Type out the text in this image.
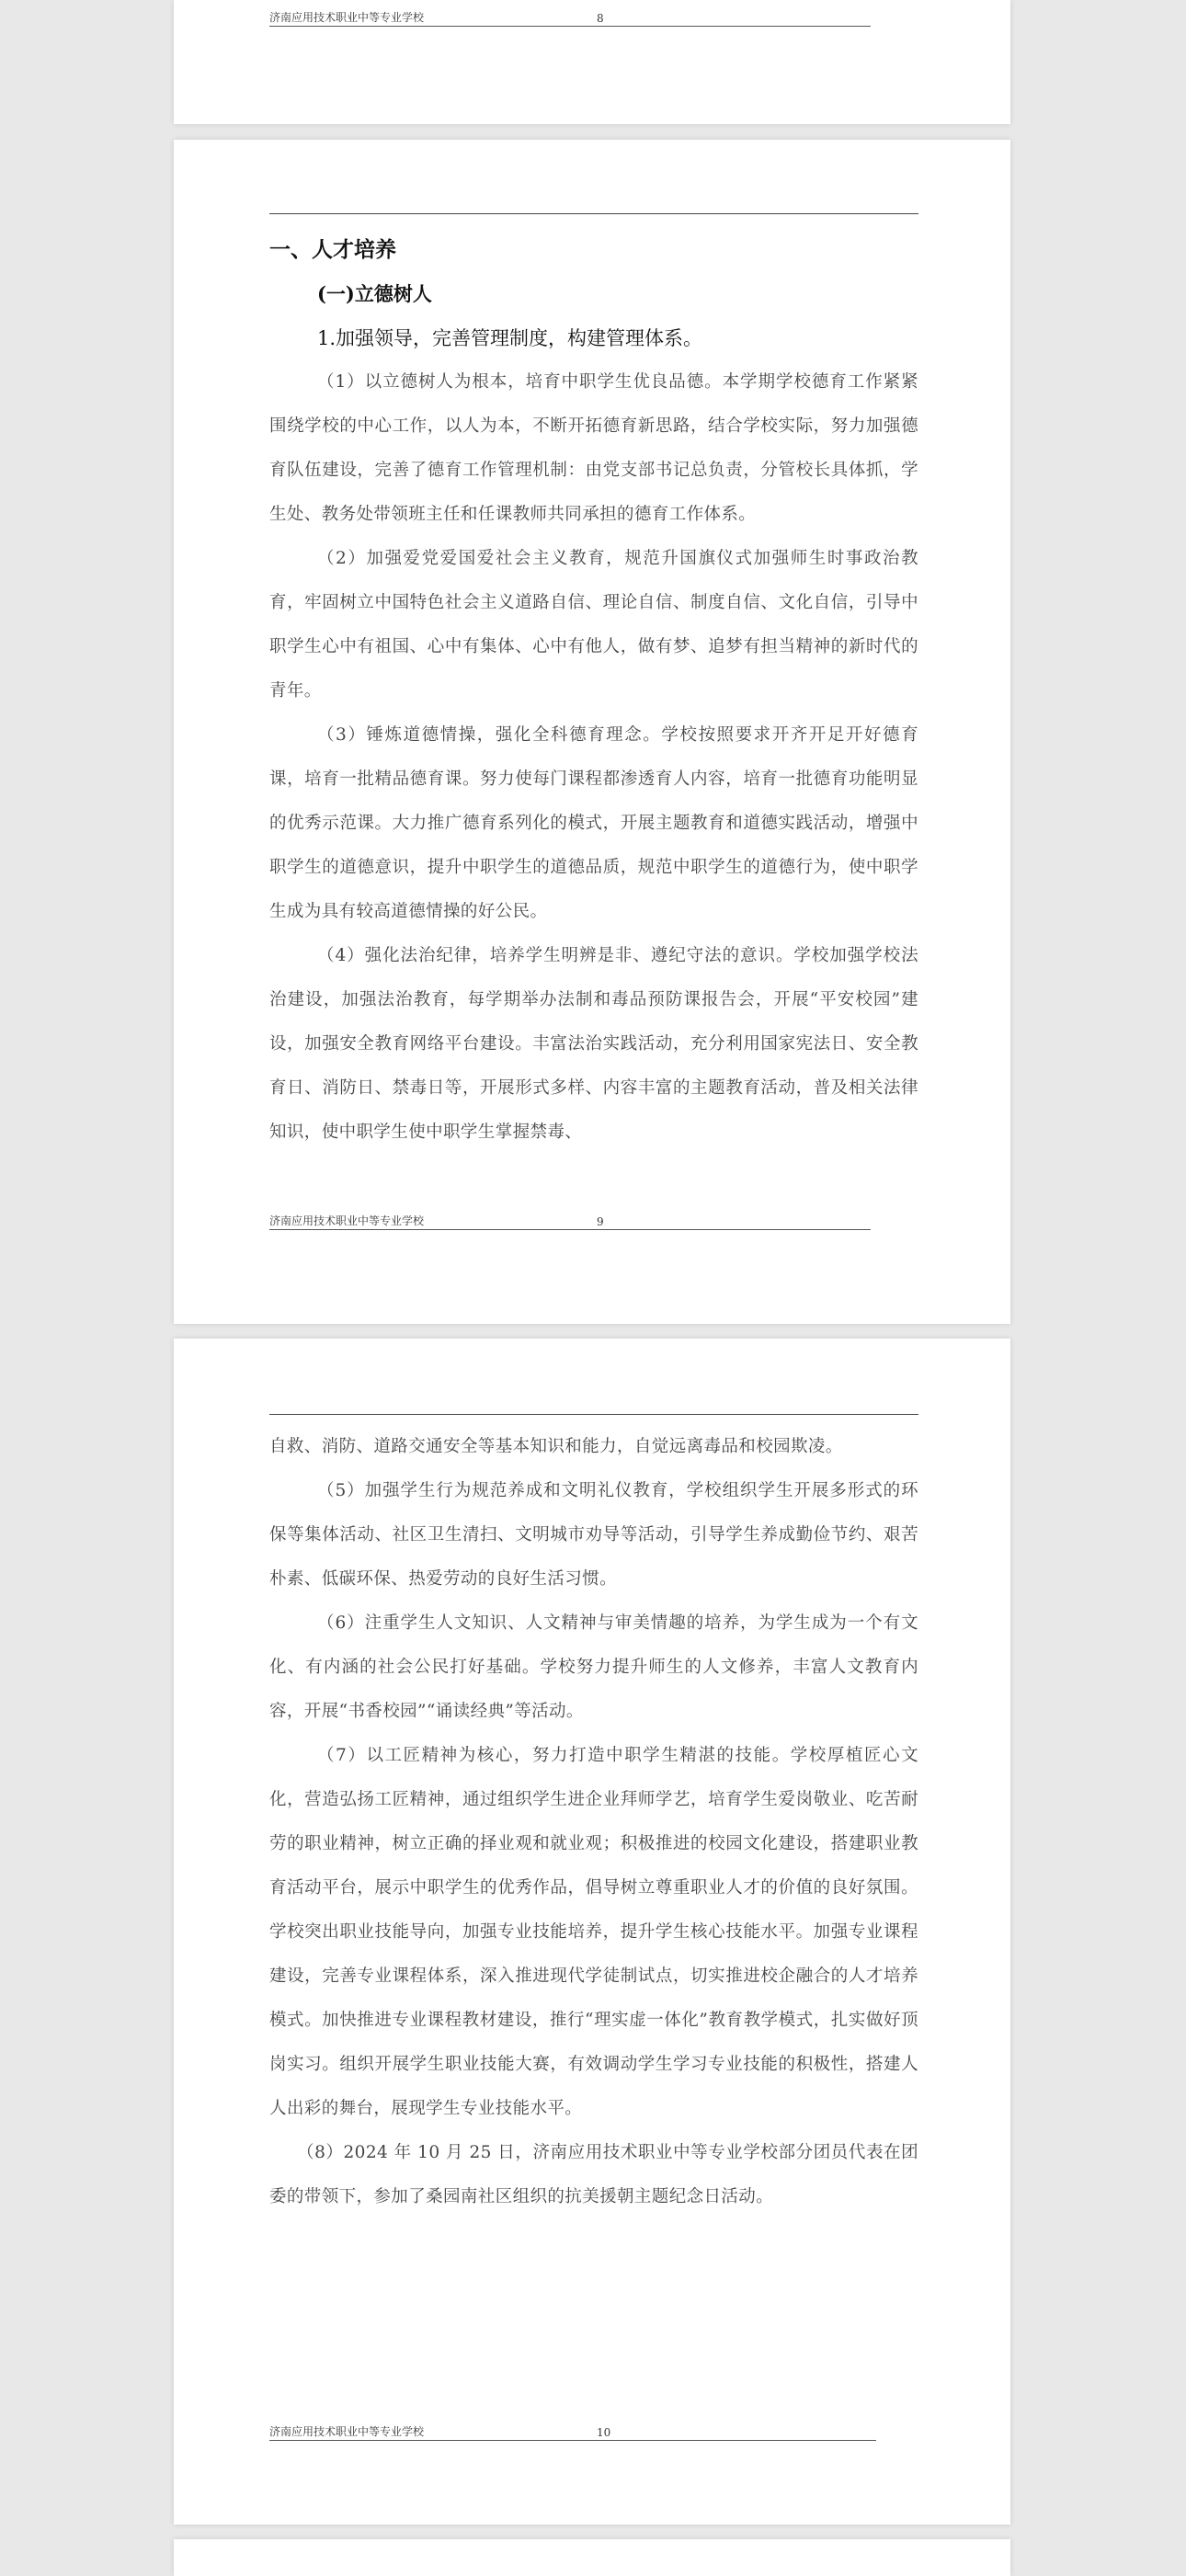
济南应用技术职业中等专业学校	8

一、人才培养

(一)立德树人

1.加强领导，完善管理制度，构建管理体系。

（1）以立德树人为根本，培育中职学生优良品德。本学期学校德育工作紧紧围绕学校的中心工作，以人为本，不断开拓德育新思路，结合学校实际，努力加强德育队伍建设，完善了德育工作管理机制：由党支部书记总负责，分管校长具体抓，学生处、教务处带领班主任和任课教师共同承担的德育工作体系。

（2）加强爱党爱国爱社会主义教育，规范升国旗仪式加强师生时事政治教育，牢固树立中国特色社会主义道路自信、理论自信、制度自信、文化自信，引导中职学生心中有祖国、心中有集体、心中有他人，做有梦、追梦有担当精神的新时代的青年。

（3）锤炼道德情操，强化全科德育理念。学校按照要求开齐开足开好德育课，培育一批精品德育课。努力使每门课程都渗透育人内容，培育一批德育功能明显的优秀示范课。大力推广德育系列化的模式，开展主题教育和道德实践活动，增强中职学生的道德意识，提升中职学生的道德品质，规范中职学生的道德行为，使中职学生成为具有较高道德情操的好公民。

（4）强化法治纪律，培养学生明辨是非、遵纪守法的意识。学校加强学校法治建设，加强法治教育，每学期举办法制和毒品预防课报告会，开展“平安校园”建设，加强安全教育网络平台建设。丰富法治实践活动，充分利用国家宪法日、安全教育日、消防日、禁毒日等，开展形式多样、内容丰富的主题教育活动，普及相关法律知识，使中职学生使中职学生掌握禁毒、

济南应用技术职业中等专业学校	9

自救、消防、道路交通安全等基本知识和能力，自觉远离毒品和校园欺凌。

（5）加强学生行为规范养成和文明礼仪教育，学校组织学生开展多形式的环保等集体活动、社区卫生清扫、文明城市劝导等活动，引导学生养成勤俭节约、艰苦朴素、低碳环保、热爱劳动的良好生活习惯。

（6）注重学生人文知识、人文精神与审美情趣的培养，为学生成为一个有文化、有内涵的社会公民打好基础。学校努力提升师生的人文修养，丰富人文教育内容，开展“书香校园”“诵读经典”等活动。

（7）以工匠精神为核心，努力打造中职学生精湛的技能。学校厚植匠心文化，营造弘扬工匠精神，通过组织学生进企业拜师学艺，培育学生爱岗敬业、吃苦耐劳的职业精神，树立正确的择业观和就业观；积极推进的校园文化建设，搭建职业教育活动平台，展示中职学生的优秀作品，倡导树立尊重职业人才的价值的良好氛围。学校突出职业技能导向，加强专业技能培养，提升学生核心技能水平。加强专业课程建设，完善专业课程体系，深入推进现代学徒制试点，切实推进校企融合的人才培养模式。加快推进专业课程教材建设，推行“理实虚一体化”教育教学模式，扎实做好顶岗实习。组织开展学生职业技能大赛，有效调动学生学习专业技能的积极性，搭建人人出彩的舞台，展现学生专业技能水平。

（8）2024 年 10 月 25 日，济南应用技术职业中等专业学校部分团员代表在团委的带领下，参加了桑园南社区组织的抗美援朝主题纪念日活动。

济南应用技术职业中等专业学校	10
